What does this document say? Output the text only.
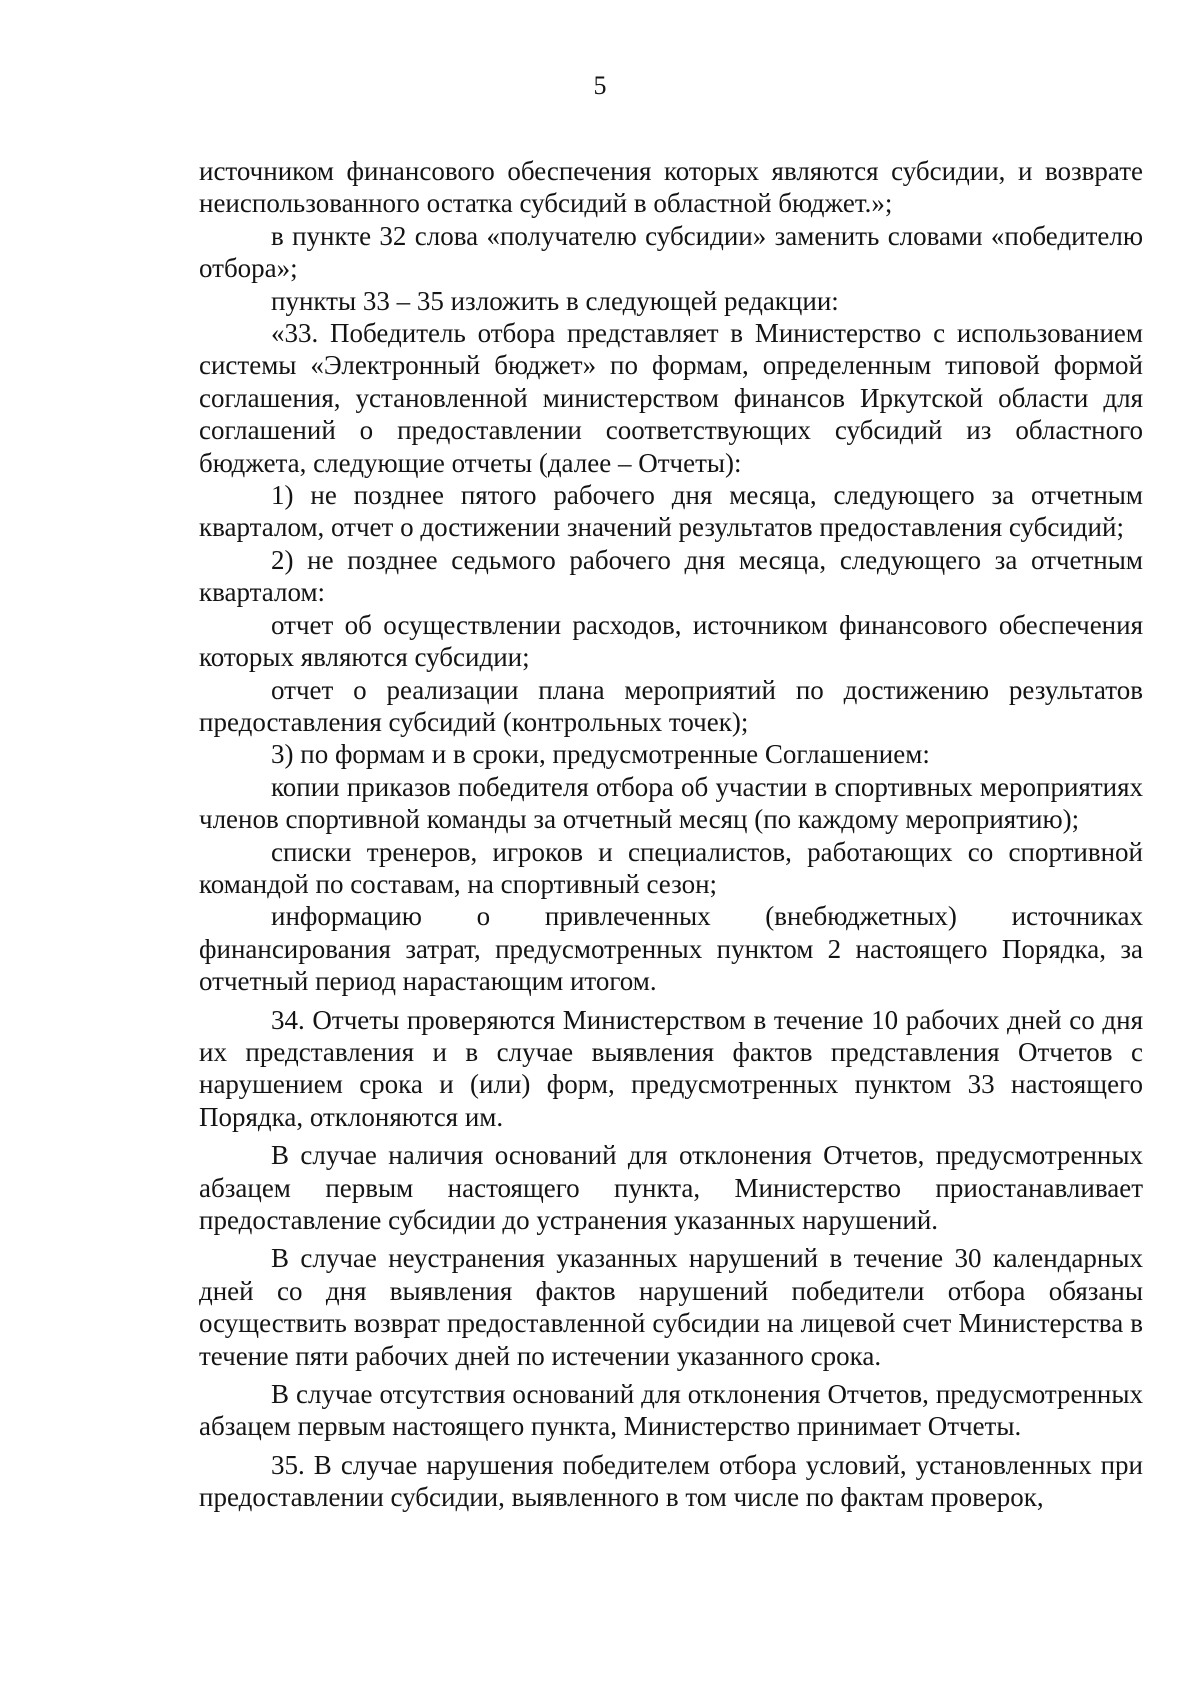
5

источником финансового обеспечения которых являются субсидии, и возврате неиспользованного остатка субсидий в областной бюджет.»;

в пункте 32 слова «получателю субсидии» заменить словами «победителю отбора»;

пункты 33 – 35 изложить в следующей редакции:

«33. Победитель отбора представляет в Министерство с использованием системы «Электронный бюджет» по формам, определенным типовой формой соглашения, установленной министерством финансов Иркутской области для соглашений о предоставлении соответствующих субсидий из областного бюджета, следующие отчеты (далее – Отчеты):

1) не позднее пятого рабочего дня месяца, следующего за отчетным кварталом, отчет о достижении значений результатов предоставления субсидий;

2) не позднее седьмого рабочего дня месяца, следующего за отчетным кварталом:

отчет об осуществлении расходов, источником финансового обеспечения которых являются субсидии;

отчет о реализации плана мероприятий по достижению результатов предоставления субсидий (контрольных точек);

3) по формам и в сроки, предусмотренные Соглашением:

копии приказов победителя отбора об участии в спортивных мероприятиях членов спортивной команды за отчетный месяц (по каждому мероприятию);

списки тренеров, игроков и специалистов, работающих со спортивной командой по составам, на спортивный сезон;

информацию о привлеченных (внебюджетных) источниках финансирования затрат, предусмотренных пунктом 2 настоящего Порядка, за отчетный период нарастающим итогом.

34. Отчеты проверяются Министерством в течение 10 рабочих дней со дня их представления и в случае выявления фактов представления Отчетов с нарушением срока и (или) форм, предусмотренных пунктом 33 настоящего Порядка, отклоняются им.

В случае наличия оснований для отклонения Отчетов, предусмотренных абзацем первым настоящего пункта, Министерство приостанавливает предоставление субсидии до устранения указанных нарушений.

В случае неустранения указанных нарушений в течение 30 календарных дней со дня выявления фактов нарушений победители отбора обязаны осуществить возврат предоставленной субсидии на лицевой счет Министерства в течение пяти рабочих дней по истечении указанного срока.

В случае отсутствия оснований для отклонения Отчетов, предусмотренных абзацем первым настоящего пункта, Министерство принимает Отчеты.

35. В случае нарушения победителем отбора условий, установленных при предоставлении субсидии, выявленного в том числе по фактам проверок,
